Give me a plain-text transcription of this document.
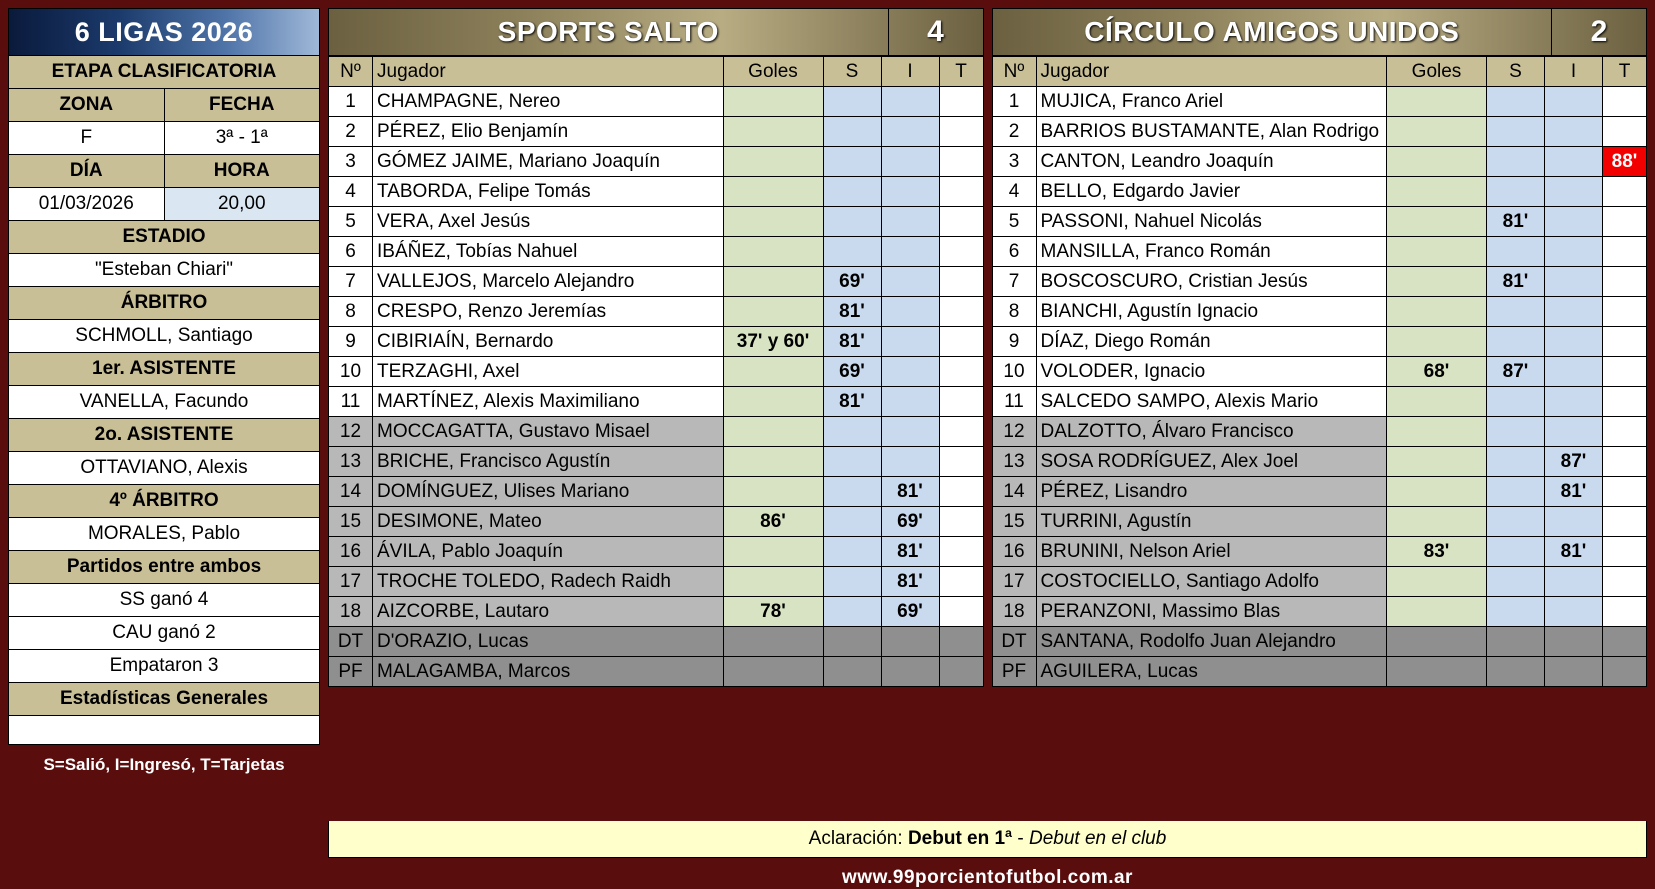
6 LIGAS 2026
ETAPA CLASIFICATORIA
ZONA	FECHA
F	3ª - 1ª
DÍA	HORA
01/03/2026	20,00
ESTADIO
"Esteban Chiari"
ÁRBITRO
SCHMOLL, Santiago
1er. ASISTENTE
VANELLA, Facundo
2o. ASISTENTE
OTTAVIANO, Alexis
4º ÁRBITRO
MORALES, Pablo
Partidos entre ambos
SS ganó 4
CAU ganó 2
Empataron 3
Estadísticas Generales
S=Salió, I=Ingresó, T=Tarjetas
SPORTS SALTO	4
Nº	Jugador	Goles	S	I	T
1	CHAMPAGNE, Nereo				
2	PÉREZ, Elio Benjamín				
3	GÓMEZ JAIME, Mariano Joaquín				
4	TABORDA, Felipe Tomás				
5	VERA, Axel Jesús				
6	IBÁÑEZ, Tobías Nahuel				
7	VALLEJOS, Marcelo Alejandro		69'		
8	CRESPO, Renzo Jeremías		81'		
9	CIBIRIAÍN, Bernardo	37' y 60'	81'		
10	TERZAGHI, Axel		69'		
11	MARTÍNEZ, Alexis Maximiliano		81'		
12	MOCCAGATTA, Gustavo Misael				
13	BRICHE, Francisco Agustín				
14	DOMÍNGUEZ, Ulises Mariano			81'	
15	DESIMONE, Mateo	86'		69'	
16	ÁVILA, Pablo Joaquín			81'	
17	TROCHE TOLEDO, Radech Raidh			81'	
18	AIZCORBE, Lautaro	78'		69'	
DT	D'ORAZIO, Lucas				
PF	MALAGAMBA, Marcos				
CÍRCULO AMIGOS UNIDOS	2
Nº	Jugador	Goles	S	I	T
1	MUJICA, Franco Ariel				
2	BARRIOS BUSTAMANTE, Alan Rodrigo				
3	CANTON, Leandro Joaquín				88'
4	BELLO, Edgardo Javier				
5	PASSONI, Nahuel Nicolás		81'		
6	MANSILLA, Franco Román				
7	BOSCOSCURO, Cristian Jesús		81'		
8	BIANCHI, Agustín Ignacio				
9	DÍAZ, Diego Román				
10	VOLODER, Ignacio	68'	87'		
11	SALCEDO SAMPO, Alexis Mario				
12	DALZOTTO, Álvaro Francisco				
13	SOSA RODRÍGUEZ, Alex Joel			87'	
14	PÉREZ, Lisandro			81'	
15	TURRINI, Agustín				
16	BRUNINI, Nelson Ariel	83'		81'	
17	COSTOCIELLO, Santiago Adolfo				
18	PERANZONI, Massimo Blas				
DT	SANTANA, Rodolfo Juan Alejandro				
PF	AGUILERA, Lucas				
Aclaración: Debut en 1ª - Debut en el club
www.99porcientofutbol.com.ar
